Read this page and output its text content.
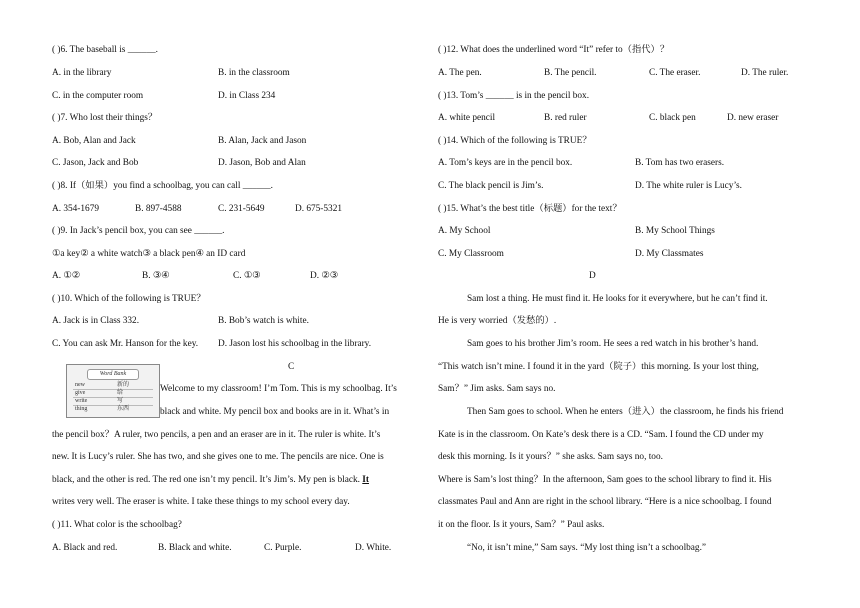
( )6. The baseball is ______.
A. in the library	B. in the classroom
C. in the computer room	D. in Class 234
( )7. Who lost their things？
A. Bob, Alan and Jack	B. Alan, Jack and Jason
C. Jason, Jack and Bob	D. Jason, Bob and Alan
( )8. If（如果）you find a schoolbag, you can call ______.
A. 354-1679	B. 897-4588	C. 231-5649	D. 675-5321
( )9. In Jack’s pencil box, you can see ______.
①a key② a white watch③ a black pen④ an ID card
A. ①②	B. ③④	C. ①③	D. ②③
( )10. Which of the following is TRUE？
A. Jack is in Class 332.	B. Bob’s watch is white.
C. You can ask Mr. Hanson for the key. D. Jason lost his schoolbag in the library.
C
Word Bank
new	新的
give	给
write	写
thing	东西
Welcome to my classroom! I’m Tom. This is my schoolbag. It’s
black and white. My pencil box and books are in it. What’s in
the pencil box？A ruler, two pencils, a pen and an eraser are in it. The ruler is white. It’s
new. It is Lucy’s ruler. She has two, and she gives one to me. The pencils are nice. One is
black, and the other is red. The red one isn’t my pencil. It’s Jim’s. My pen is black. It
writes very well. The eraser is white. I take these things to my school every day.
( )11. What color is the schoolbag?
A. Black and red.	B. Black and white.	C. Purple.	D. White.
( )12. What does the underlined word “It” refer to（指代）？
A. The pen.	B. The pencil.	C. The eraser.	D. The ruler.
( )13. Tom’s ______ is in the pencil box.
A. white pencil	B. red ruler	C. black pen	D. new eraser
( )14. Which of the following is TRUE？
A. Tom’s keys are in the pencil box.	B. Tom has two erasers.
C. The black pencil is Jim’s.	D. The white ruler is Lucy’s.
( )15. What’s the best title（标题）for the text？
A. My School	B. My School Things
C. My Classroom	D. My Classmates
D
Sam lost a thing. He must find it. He looks for it everywhere, but he can’t find it.
He is very worried（发愁的）.
Sam goes to his brother Jim’s room. He sees a red watch in his brother’s hand.
“This watch isn’t mine. I found it in the yard（院子）this morning. Is your lost thing,
Sam？” Jim asks. Sam says no.
Then Sam goes to school. When he enters（进入）the classroom, he finds his friend
Kate is in the classroom. On Kate’s desk there is a CD. “Sam. I found the CD under my
desk this morning. Is it yours？” she asks. Sam says no, too.
Where is Sam’s lost thing？In the afternoon, Sam goes to the school library to find it. His
classmates Paul and Ann are right in the school library. “Here is a nice schoolbag. I found
it on the floor. Is it yours, Sam？” Paul asks.
“No, it isn’t mine,” Sam says. “My lost thing isn’t a schoolbag.”
